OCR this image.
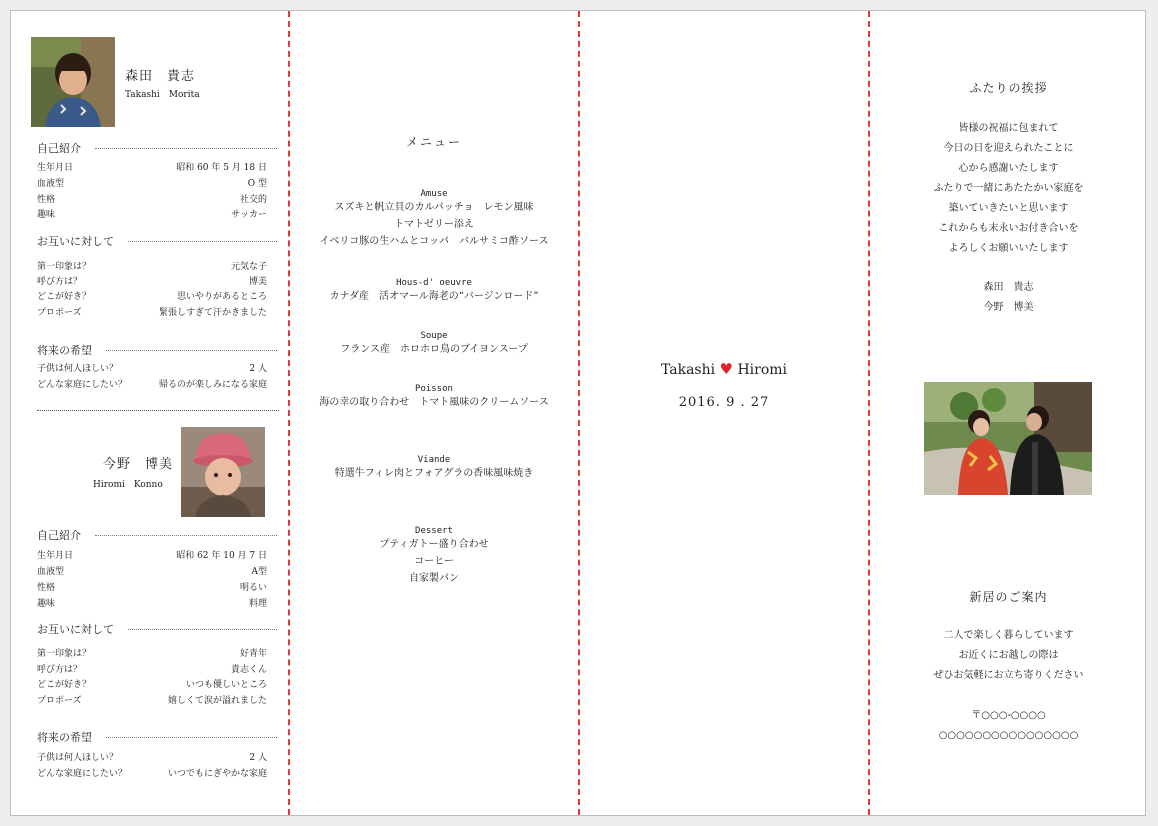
森田　貴志
Takashi　Morita
自己紹介
生年月日	昭和 60 年 5 月 18 日
血液型	O 型
性格	社交的
趣味	サッカー
お互いに対して
第一印象は？	元気な子
呼び方は？	博美
どこが好き？	思いやりがあるところ
プロポーズ	緊張しすぎて汗かきました
将来の希望
子供は何人ほしい？	2 人
どんな家庭にしたい？	帰るのが楽しみになる家庭
今野　博美
Hiromi　Konno
自己紹介
生年月日	昭和 62 年 10 月 7 日
血液型	A型
性格	明るい
趣味	料理
お互いに対して
第一印象は？	好青年
呼び方は？	貴志くん
どこが好き？	いつも優しいところ
プロポーズ	嬉しくて涙が溢れました
将来の希望
子供は何人ほしい？	2 人
どんな家庭にしたい？	いつでもにぎやかな家庭
メニュー
Amuse
スズキと帆立貝のカルパッチョ　レモン風味
トマトゼリー添え
イベリコ豚の生ハムとコッパ　バルサミコ酢ソース
Hous-d' oeuvre
カナダ産　活オマール海老の“バージンロード”
Soupe
フランス産　ホロホロ鳥のブイヨンスープ
Poisson
海の幸の取り合わせ　トマト風味のクリームソース
Viande
特選牛フィレ肉とフォアグラの香味風味焼き
Dessert
プティガトー盛り合わせ
コーヒー
自家製パン
Takashi ♥ Hiromi
2016. 9 . 27
ふたりの挨拶
皆様の祝福に包まれて
今日の日を迎えられたことに
心から感謝いたします
ふたりで一緒にあたたかい家庭を
築いていきたいと思います
これからも末永いお付き合いを
よろしくお願いいたします
森田　貴志
今野　博美
新居のご案内
二人で楽しく暮らしています
お近くにお越しの際は
ぜひお気軽にお立ち寄りください
〒○○○-○○○○
○○○○○○○○○○○○○○○○
